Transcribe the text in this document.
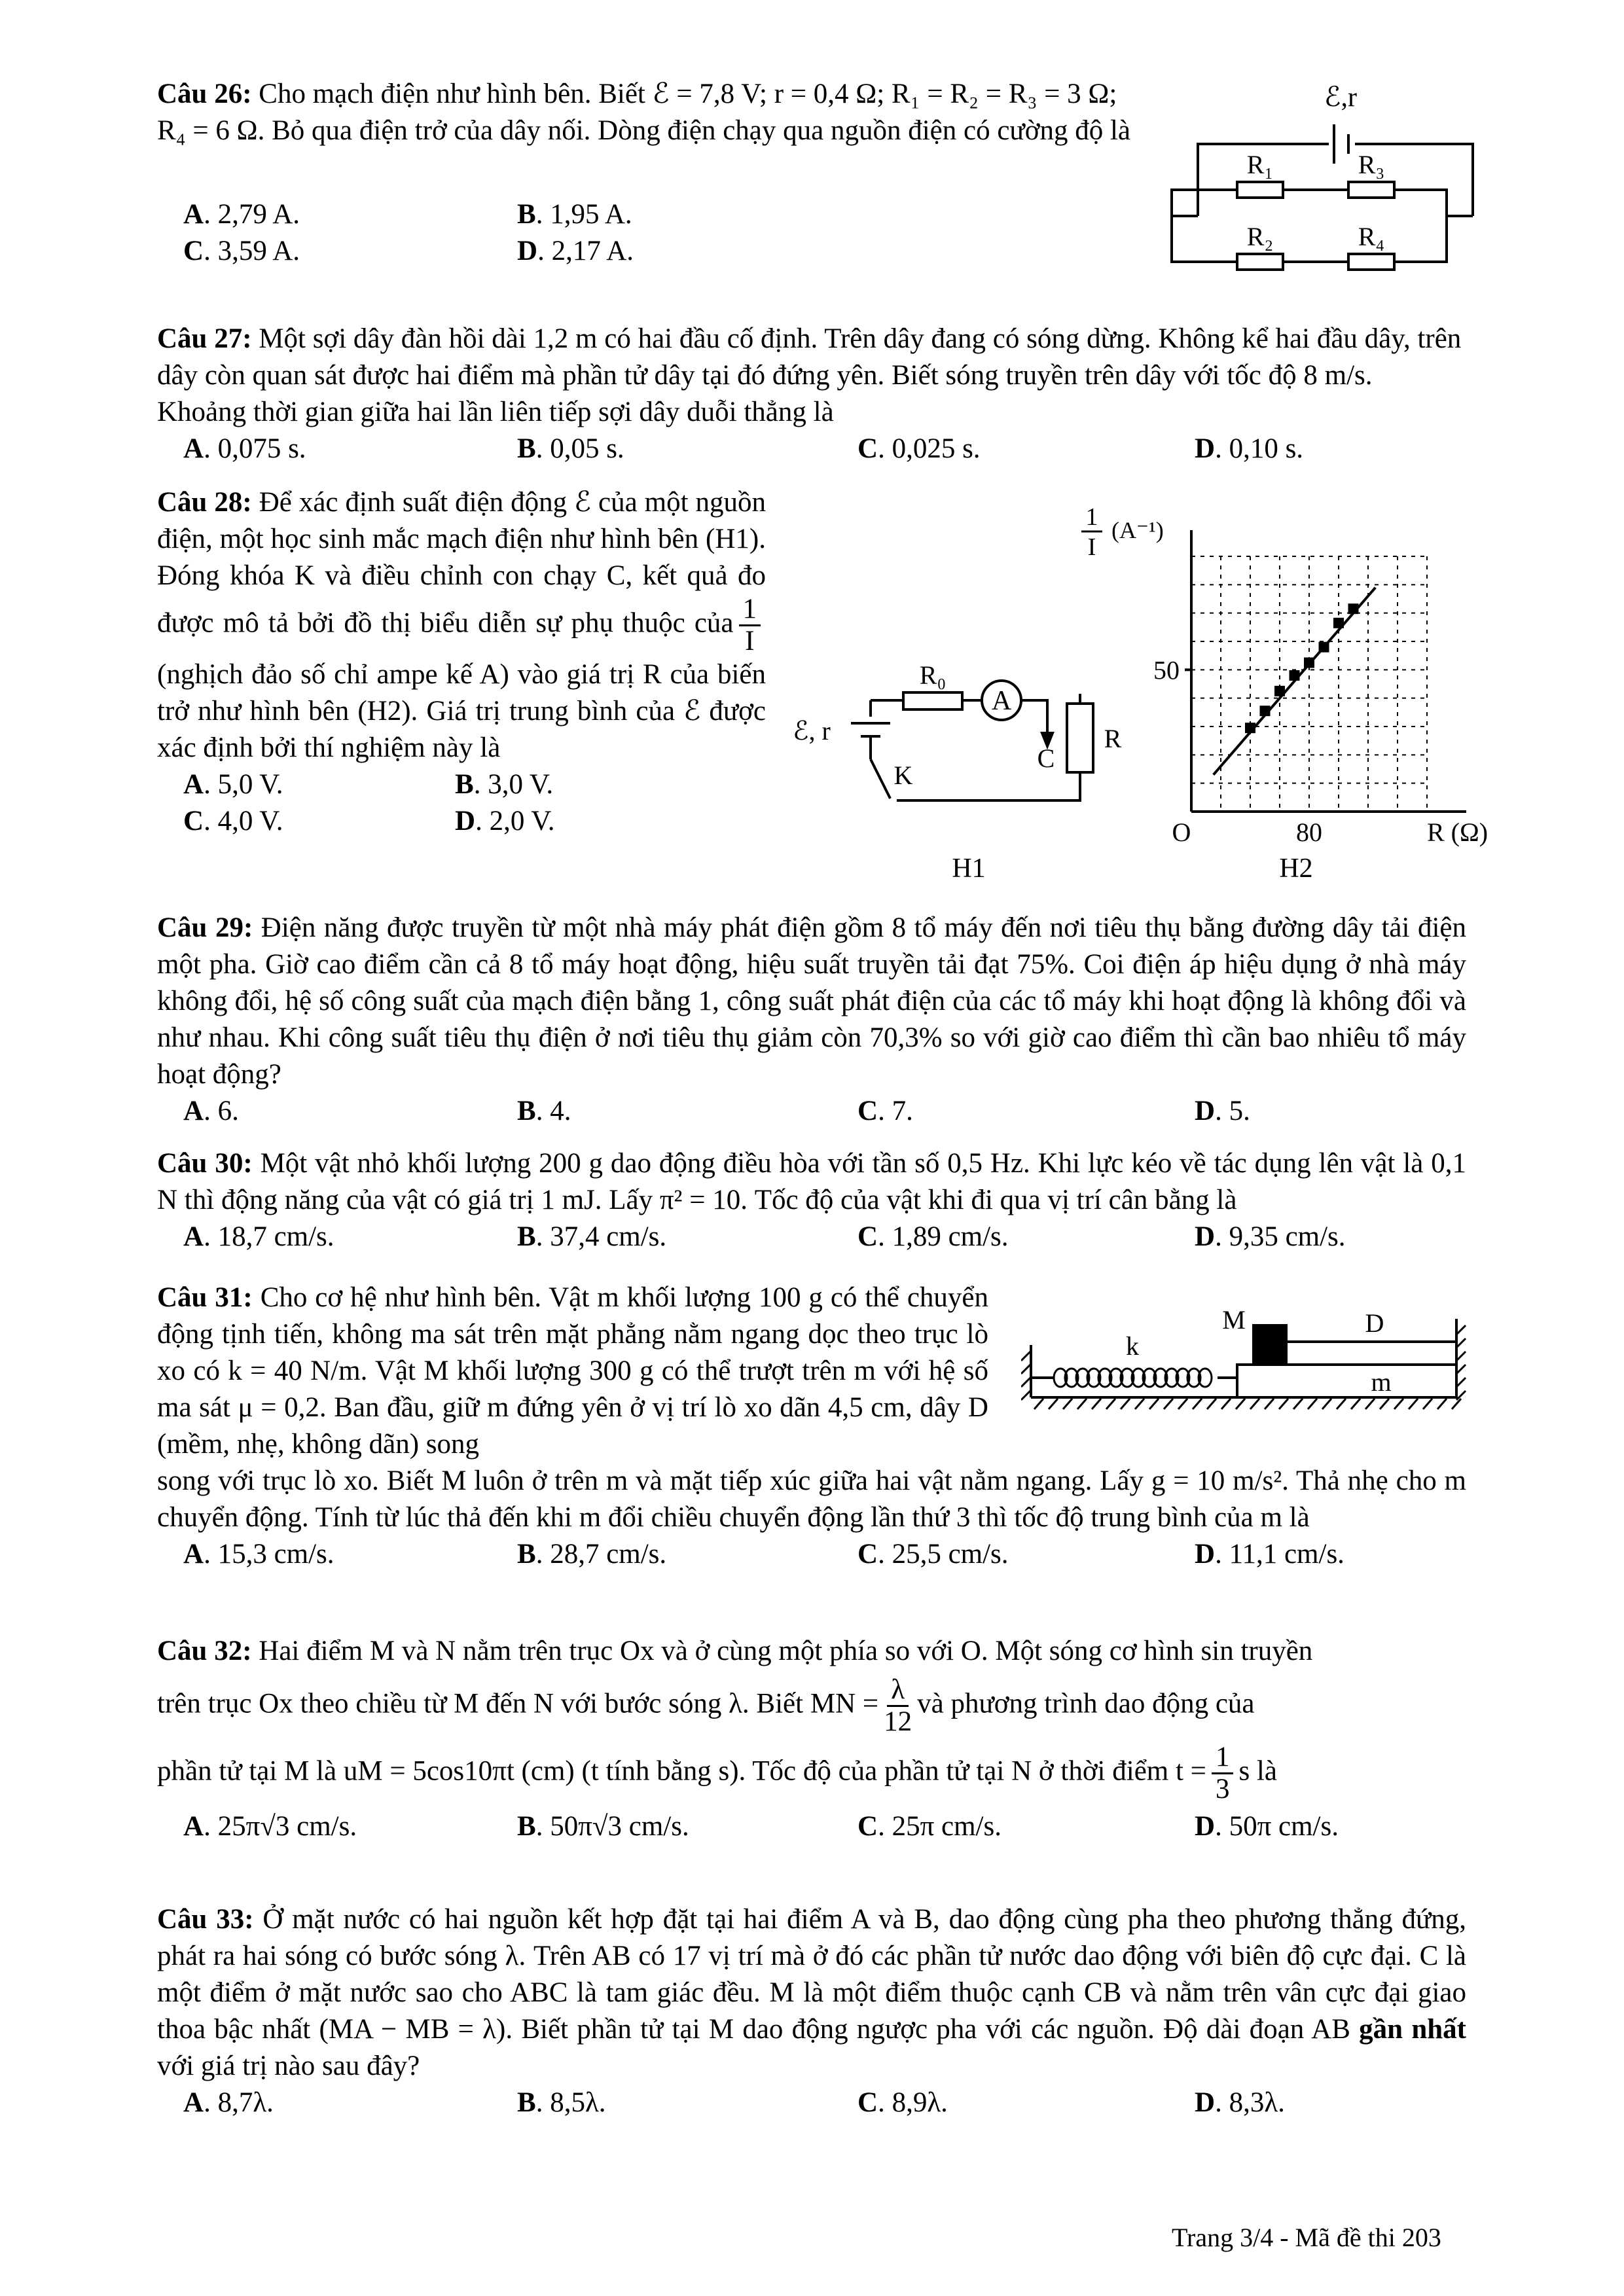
Câu 26: Cho mạch điện như hình bên. Biết ℰ = 7,8 V; r = 0,4 Ω; R₁ = R₂ = R₃ = 3 Ω; R₄ = 6 Ω. Bỏ qua điện trở của dây nối. Dòng điện chạy qua nguồn điện có cường độ là

A. 2,79 A.	B. 1,95 A.
C. 3,59 A.	D. 2,17 A.
ℰ,r
R₁	R₃
R₂	R₄

Câu 27: Một sợi dây đàn hồi dài 1,2 m có hai đầu cố định. Trên dây đang có sóng dừng. Không kể hai đầu dây, trên dây còn quan sát được hai điểm mà phần tử dây tại đó đứng yên. Biết sóng truyền trên dây với tốc độ 8 m/s. Khoảng thời gian giữa hai lần liên tiếp sợi dây duỗi thẳng là

A. 0,075 s.	B. 0,05 s.	C. 0,025 s.	D. 0,10 s.

Câu 28: Để xác định suất điện động ℰ của một nguồn điện, một học sinh mắc mạch điện như hình bên (H1). Đóng khóa K và điều chỉnh con chạy C, kết quả đo được mô tả bởi đồ thị biểu diễn sự phụ thuộc của $\frac{1}{I}$
(nghịch đảo số chỉ ampe kế A) vào giá trị R của biến trở như hình bên (H2). Giá trị trung bình của ℰ được xác định bởi thí nghiệm này là

A. 5,0 V.	B. 3,0 V.
C. 4,0 V.	D. 2,0 V.
R₀
A
C
R
ℰ, r
K
H1
80
50
1
I
(A⁻¹)
O	R (Ω)
H2

Câu 29: Điện năng được truyền từ một nhà máy phát điện gồm 8 tổ máy đến nơi tiêu thụ bằng đường dây tải điện một pha. Giờ cao điểm cần cả 8 tổ máy hoạt động, hiệu suất truyền tải đạt 75%. Coi điện áp hiệu dụng ở nhà máy không đổi, hệ số công suất của mạch điện bằng 1, công suất phát điện của các tổ máy khi hoạt động là không đổi và như nhau. Khi công suất tiêu thụ điện ở nơi tiêu thụ giảm còn 70,3% so với giờ cao điểm thì cần bao nhiêu tổ máy hoạt động?

A. 6.	B. 4.	C. 7.	D. 5.

Câu 30: Một vật nhỏ khối lượng 200 g dao động điều hòa với tần số 0,5 Hz. Khi lực kéo về tác dụng lên vật là 0,1 N thì động năng của vật có giá trị 1 mJ. Lấy π² = 10. Tốc độ của vật khi đi qua vị trí cân bằng là

A. 18,7 cm/s.	B. 37,4 cm/s.	C. 1,89 cm/s.	D. 9,35 cm/s.

Câu 31: Cho cơ hệ như hình bên. Vật m khối lượng 100 g có thể chuyển động tịnh tiến, không ma sát trên mặt phẳng nằm ngang dọc theo trục lò xo có k = 40 N/m. Vật M khối lượng 300 g có thể trượt trên m với hệ số ma sát μ = 0,2. Ban đầu, giữ m đứng yên ở vị trí lò xo dãn 4,5 cm, dây D (mềm, nhẹ, không dãn) song

song với trục lò xo. Biết M luôn ở trên m và mặt tiếp xúc giữa hai vật nằm ngang. Lấy g = 10 m/s². Thả nhẹ cho m chuyển động. Tính từ lúc thả đến khi m đổi chiều chuyển động lần thứ 3 thì tốc độ trung bình của m là

A. 15,3 cm/s.	B. 28,7 cm/s.	C. 25,5 cm/s.	D. 11,1 cm/s.
k
M	D
m

Câu 32: Hai điểm M và N nằm trên trục Ox và ở cùng một phía so với O. Một sóng cơ hình sin truyền

trên trục Ox theo chiều từ M đến N với bước sóng λ. Biết MN = $\frac{\lambda}{12}$ và phương trình dao động của

phần tử tại M là uM = 5cos10πt (cm) (t tính bằng s). Tốc độ của phần tử tại N ở thời điểm $t = \frac{1}{3}$ s là

A. 25π√3 cm/s.	B. 50π√3 cm/s.	C. 25π cm/s.	D. 50π cm/s.

Câu 33: Ở mặt nước có hai nguồn kết hợp đặt tại hai điểm A và B, dao động cùng pha theo phương thẳng đứng, phát ra hai sóng có bước sóng λ. Trên AB có 17 vị trí mà ở đó các phần tử nước dao động với biên độ cực đại. C là một điểm ở mặt nước sao cho ABC là tam giác đều. M là một điểm thuộc cạnh CB và nằm trên vân cực đại giao thoa bậc nhất (MA − MB = λ). Biết phần tử tại M dao động ngược pha với các nguồn. Độ dài đoạn AB gần nhất với giá trị nào sau đây?

A. 8,7λ.	B. 8,5λ.	C. 8,9λ.	D. 8,3λ.
Trang 3/4 - Mã đề thi 203
